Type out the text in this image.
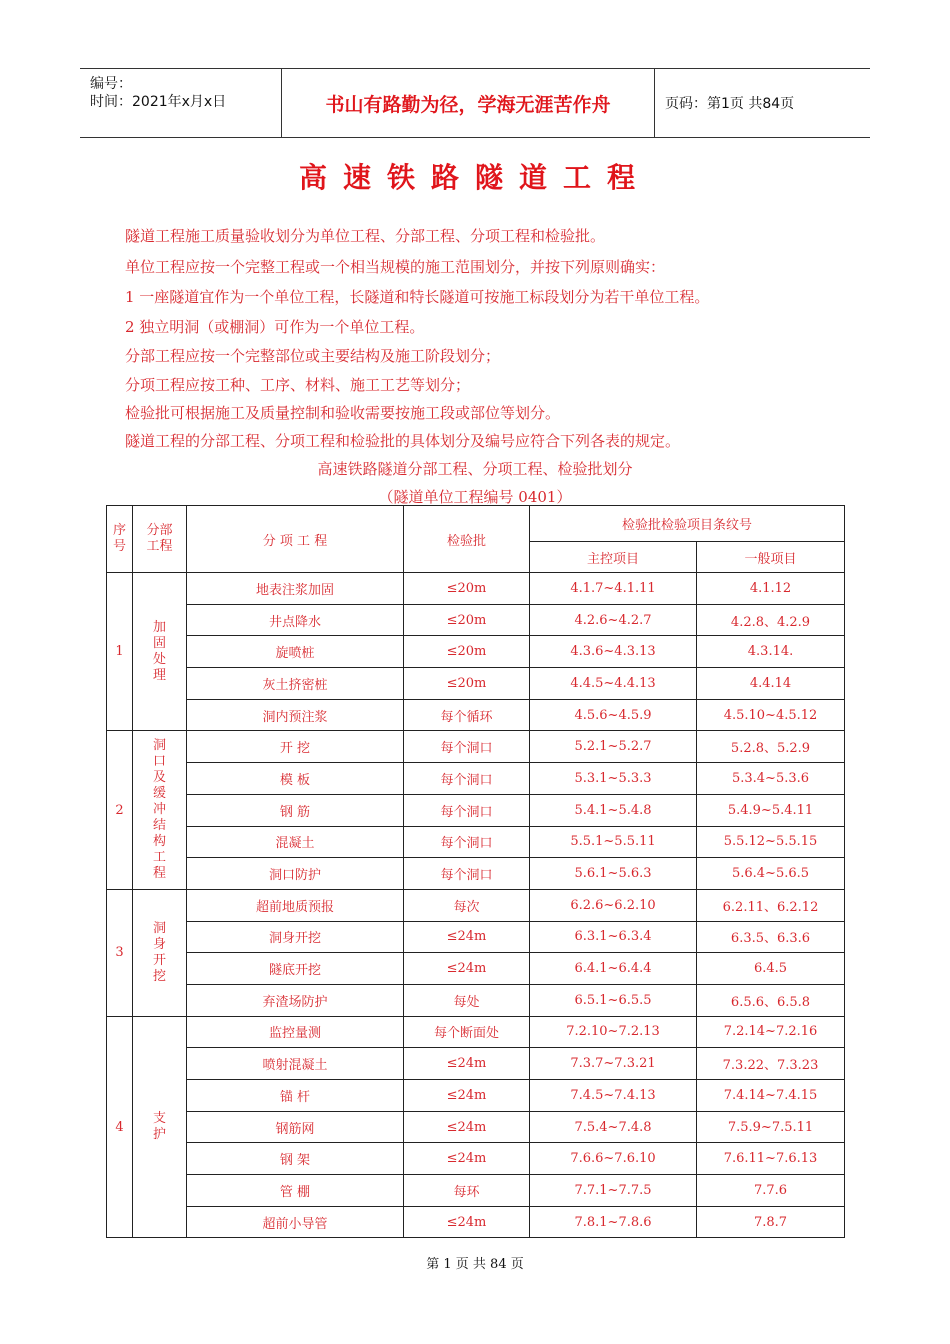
编号：
时间：2021年x月x日	书山有路勤为径，学海无涯苦作舟	页码：第1页 共84页
高速铁路隧道工程
隧道工程施工质量验收划分为单位工程、分部工程、分项工程和检验批。
单位工程应按一个完整工程或一个相当规模的施工范围划分，并按下列原则确实：
1 一座隧道宜作为一个单位工程，长隧道和特长隧道可按施工标段划分为若干单位工程。
2 独立明洞（或棚洞）可作为一个单位工程。
分部工程应按一个完整部位或主要结构及施工阶段划分；
分项工程应按工种、工序、材料、施工工艺等划分；
检验批可根据施工及质量控制和验收需要按施工段或部位等划分。
隧道工程的分部工程、分项工程和检验批的具体划分及编号应符合下列各表的规定。
高速铁路隧道分部工程、分项工程、检验批划分
（隧道单位工程编号 0401）
序号	分部工程	分 项 工 程	检验批	检验批检验项目条纹号	
				主控项目	一般项目
1	加固处理	地表注浆加固	≤20m	4.1.7~4.1.11	4.1.12
		井点降水	≤20m	4.2.6~4.2.7	4.2.8、4.2.9
		旋喷桩	≤20m	4.3.6~4.3.13	4.3.14.
		灰土挤密桩	≤20m	4.4.5~4.4.13	4.4.14
		洞内预注浆	每个循环	4.5.6~4.5.9	4.5.10~4.5.12
2	洞口及缓冲结构工程	开 挖	每个洞口	5.2.1~5.2.7	5.2.8、5.2.9
		模 板	每个洞口	5.3.1~5.3.3	5.3.4~5.3.6
		钢 筋	每个洞口	5.4.1~5.4.8	5.4.9~5.4.11
		混凝土	每个洞口	5.5.1~5.5.11	5.5.12~5.5.15
		洞口防护	每个洞口	5.6.1~5.6.3	5.6.4~5.6.5
3	洞身开挖	超前地质预报	每次	6.2.6~6.2.10	6.2.11、6.2.12
		洞身开挖	≤24m	6.3.1~6.3.4	6.3.5、6.3.6
		隧底开挖	≤24m	6.4.1~6.4.4	6.4.5
		弃渣场防护	每处	6.5.1~6.5.5	6.5.6、6.5.8
4	支护	监控量测	每个断面处	7.2.10~7.2.13	7.2.14~7.2.16
		喷射混凝土	≤24m	7.3.7~7.3.21	7.3.22、7.3.23
		锚 杆	≤24m	7.4.5~7.4.13	7.4.14~7.4.15
		钢筋网	≤24m	7.5.4~7.4.8	7.5.9~7.5.11
		钢 架	≤24m	7.6.6~7.6.10	7.6.11~7.6.13
		管 棚	每环	7.7.1~7.7.5	7.7.6
		超前小导管	≤24m	7.8.1~7.8.6	7.8.7
第 1 页 共 84 页
